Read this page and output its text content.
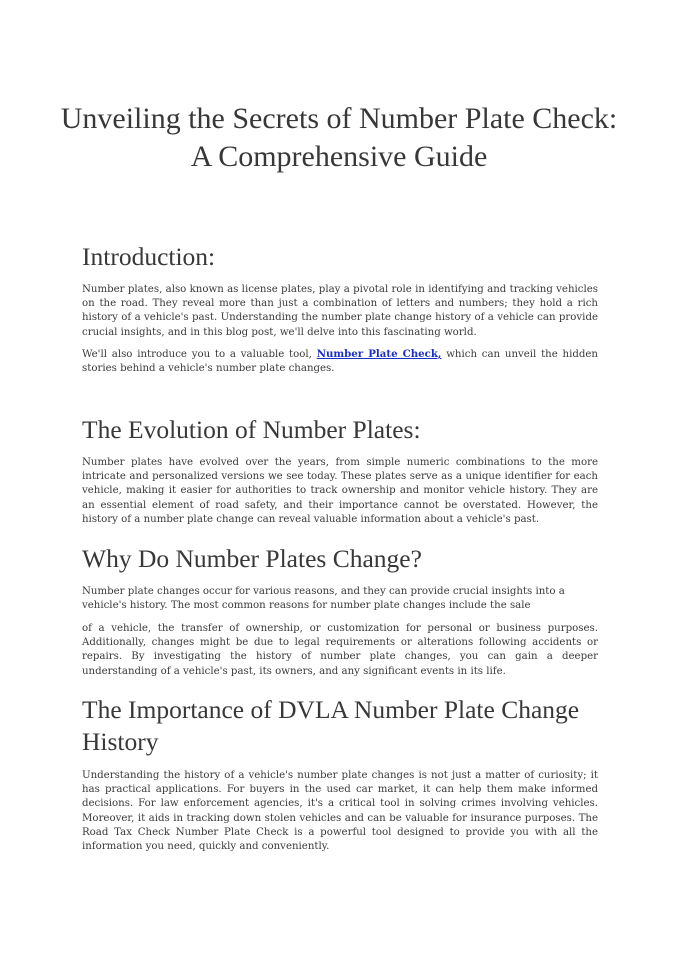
Unveiling the Secrets of Number Plate Check: A Comprehensive Guide
Introduction:

Number plates, also known as license plates, play a pivotal role in identifying and tracking vehicles on the road. They reveal more than just a combination of letters and numbers; they hold a rich history of a vehicle's past. Understanding the number plate change history of a vehicle can provide crucial insights, and in this blog post, we'll delve into this fascinating world.

We'll also introduce you to a valuable tool, Number Plate Check, which can unveil the hidden stories behind a vehicle's number plate changes.

The Evolution of Number Plates:

Number plates have evolved over the years, from simple numeric combinations to the more intricate and personalized versions we see today. These plates serve as a unique identifier for each vehicle, making it easier for authorities to track ownership and monitor vehicle history. They are an essential element of road safety, and their importance cannot be overstated. However, the history of a number plate change can reveal valuable information about a vehicle's past.

Why Do Number Plates Change?

Number plate changes occur for various reasons, and they can provide crucial insights into a vehicle's history. The most common reasons for number plate changes include the sale

of a vehicle, the transfer of ownership, or customization for personal or business purposes. Additionally, changes might be due to legal requirements or alterations following accidents or repairs. By investigating the history of number plate changes, you can gain a deeper understanding of a vehicle's past, its owners, and any significant events in its life.

The Importance of DVLA Number Plate Change History

Understanding the history of a vehicle's number plate changes is not just a matter of curiosity; it has practical applications. For buyers in the used car market, it can help them make informed decisions. For law enforcement agencies, it's a critical tool in solving crimes involving vehicles. Moreover, it aids in tracking down stolen vehicles and can be valuable for insurance purposes. The Road Tax Check Number Plate Check is a powerful tool designed to provide you with all the information you need, quickly and conveniently.
